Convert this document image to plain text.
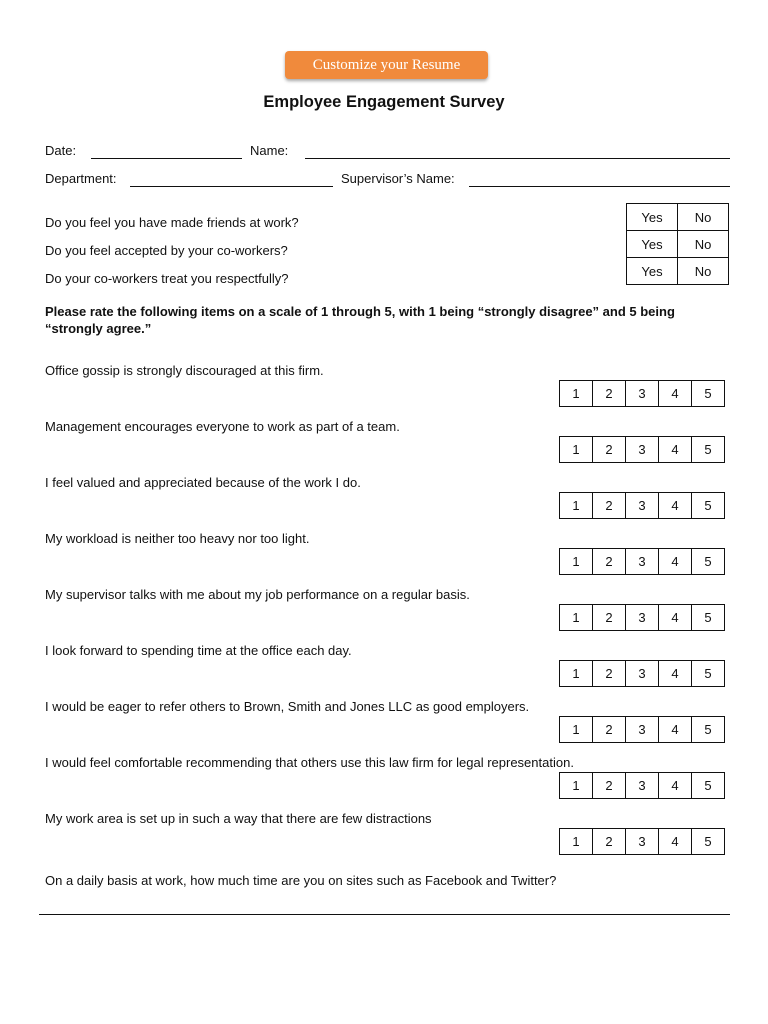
Customize your Resume
Employee Engagement Survey
Date:	Name:
Department:	Supervisor’s Name:
Do you feel you have made friends at work?
Do you feel accepted by your co-workers?
Do your co-workers treat you respectfully?
Yes	No
Yes	No
Yes	No
Please rate the following items on a scale of 1 through 5, with 1 being “strongly disagree” and 5 being “strongly agree.”
Office gossip is strongly discouraged at this firm.
1	2	3	4	5
Management encourages everyone to work as part of a team.
1	2	3	4	5
I feel valued and appreciated because of the work I do.
1	2	3	4	5
My workload is neither too heavy nor too light.
1	2	3	4	5
My supervisor talks with me about my job performance on a regular basis.
1	2	3	4	5
I look forward to spending time at the office each day.
1	2	3	4	5
I would be eager to refer others to Brown, Smith and Jones LLC as good employers.
1	2	3	4	5
I would feel comfortable recommending that others use this law firm for legal representation.
1	2	3	4	5
My work area is set up in such a way that there are few distractions
1	2	3	4	5
On a daily basis at work, how much time are you on sites such as Facebook and Twitter?
